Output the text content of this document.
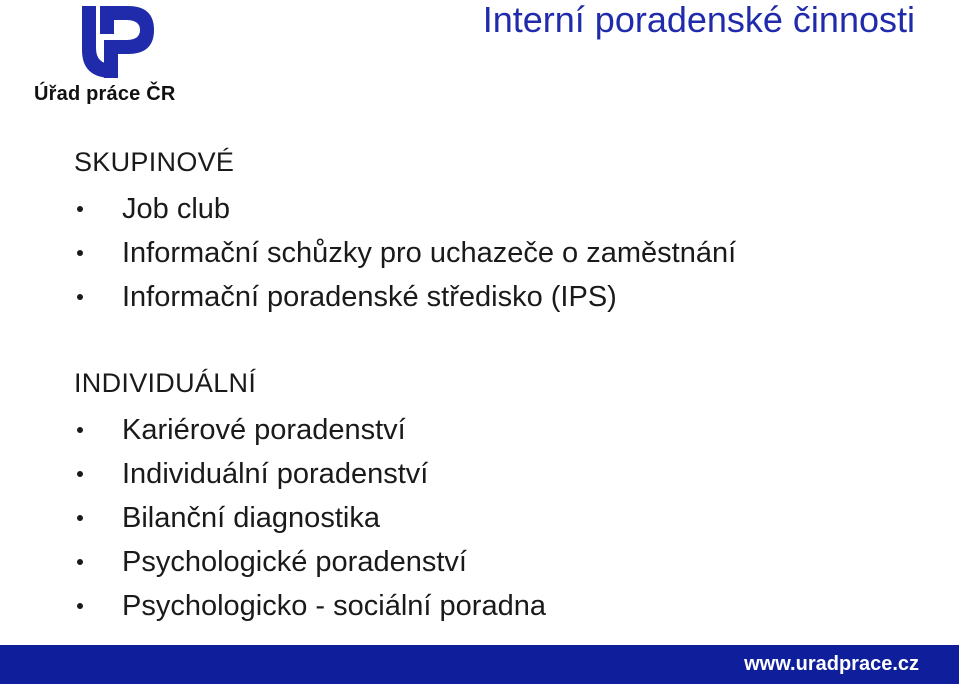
Úřad práce ČR
Interní poradenské činnosti
SKUPINOVÉ
Job club
Informační schůzky pro uchazeče o zaměstnání
Informační poradenské středisko (IPS)
INDIVIDUÁLNÍ
Kariérové poradenství
Individuální poradenství
Bilanční diagnostika
Psychologické poradenství
Psychologicko - sociální poradna
www.uradprace.cz
